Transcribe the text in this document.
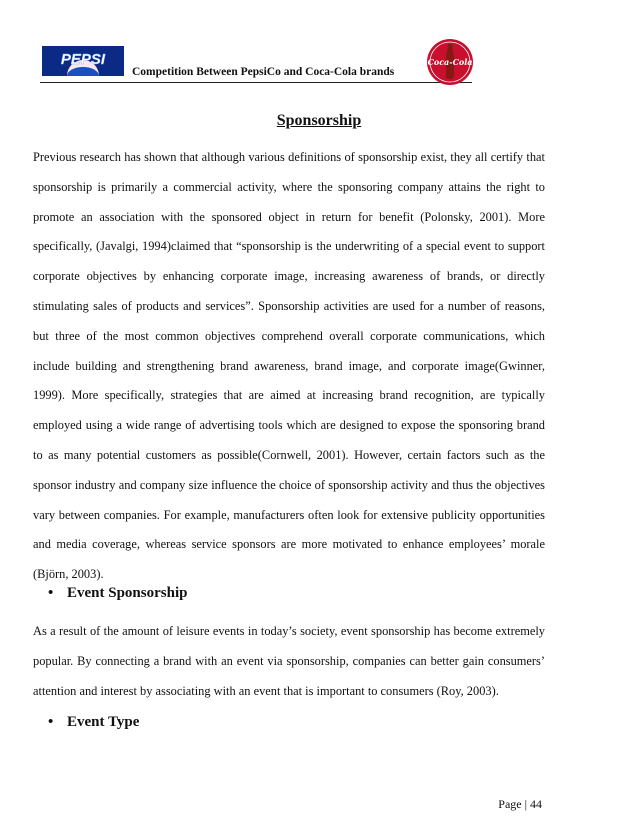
PEPSI
Competition Between PepsiCo and Coca-Cola brands
Coca-Cola
Sponsorship

Previous research has shown that although various definitions of sponsorship exist, they all certify that sponsorship is primarily a commercial activity, where the sponsoring company attains the right to promote an association with the sponsored object in return for benefit (Polonsky, 2001). More specifically, (Javalgi, 1994)claimed that “sponsorship is the underwriting of a special event to support corporate objectives by enhancing corporate image, increasing awareness of brands, or directly stimulating sales of products and services”. Sponsorship activities are used for a number of reasons, but three of the most common objectives comprehend overall corporate communications, which include building and strengthening brand awareness, brand image, and corporate image(Gwinner, 1999). More specifically, strategies that are aimed at increasing brand recognition, are typically employed using a wide range of advertising tools which are designed to expose the sponsoring brand to as many potential customers as possible(Cornwell, 2001). However, certain factors such as the sponsor industry and company size influence the choice of sponsorship activity and thus the objectives vary between companies. For example, manufacturers often look for extensive publicity opportunities and media coverage, whereas service sponsors are more motivated to enhance employees’ morale (Björn, 2003).

• Event Sponsorship

As a result of the amount of leisure events in today’s society, event sponsorship has become extremely popular. By connecting a brand with an event via sponsorship, companies can better gain consumers’ attention and interest by associating with an event that is important to consumers (Roy, 2003).

• Event Type
Page | 44
